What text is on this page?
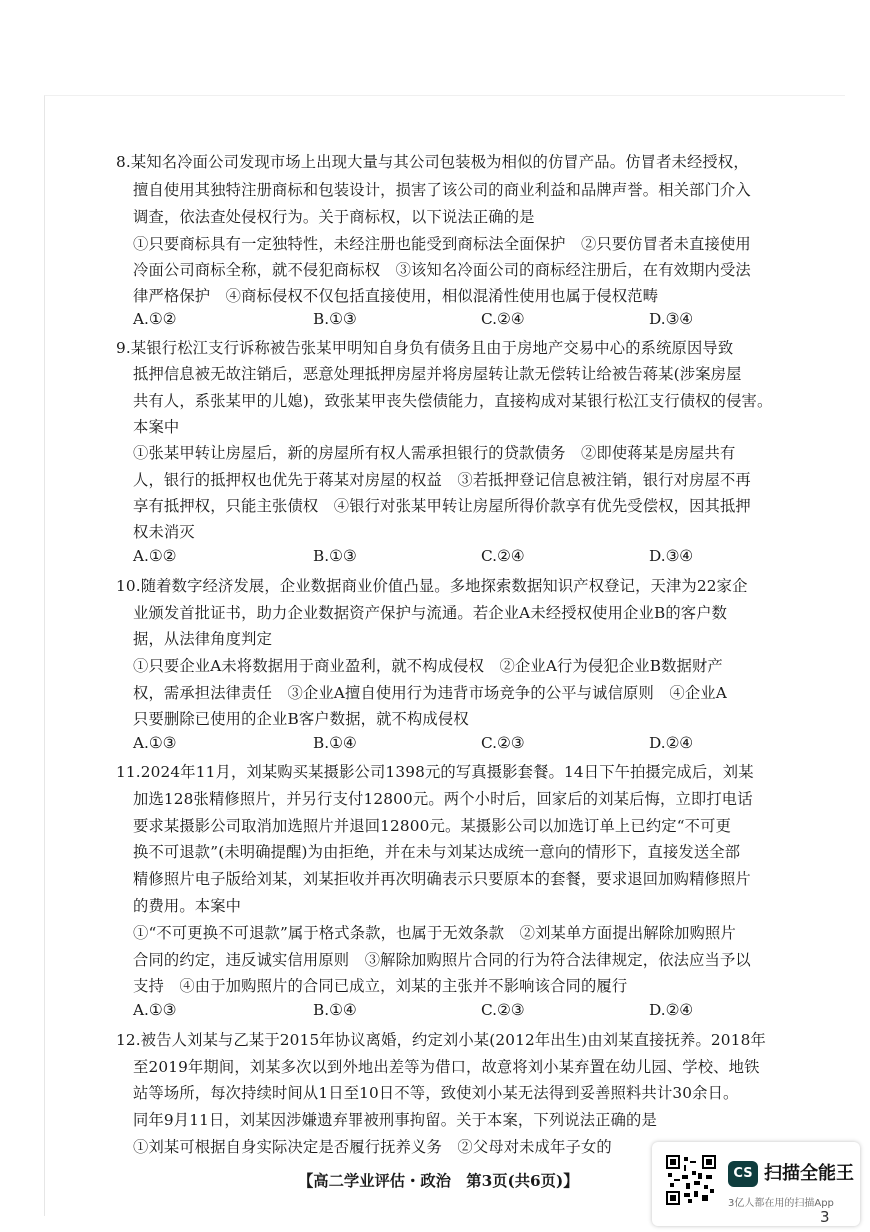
8.某知名冷面公司发现市场上出现大量与其公司包装极为相似的仿冒产品。仿冒者未经授权，
擅自使用其独特注册商标和包装设计，损害了该公司的商业利益和品牌声誉。相关部门介入
调查，依法查处侵权行为。关于商标权，以下说法正确的是
①只要商标具有一定独特性，未经注册也能受到商标法全面保护　②只要仿冒者未直接使用
冷面公司商标全称，就不侵犯商标权　③该知名冷面公司的商标经注册后，在有效期内受法
律严格保护　④商标侵权不仅包括直接使用，相似混淆性使用也属于侵权范畴
A.①②	B.①③	C.②④	D.③④
9.某银行松江支行诉称被告张某甲明知自身负有债务且由于房地产交易中心的系统原因导致
抵押信息被无故注销后，恶意处理抵押房屋并将房屋转让款无偿转让给被告蒋某(涉案房屋
共有人，系张某甲的儿媳)，致张某甲丧失偿债能力，直接构成对某银行松江支行债权的侵害。
本案中
①张某甲转让房屋后，新的房屋所有权人需承担银行的贷款债务　②即使蒋某是房屋共有
人，银行的抵押权也优先于蒋某对房屋的权益　③若抵押登记信息被注销，银行对房屋不再
享有抵押权，只能主张债权　④银行对张某甲转让房屋所得价款享有优先受偿权，因其抵押
权未消灭
A.①②	B.①③	C.②④	D.③④
10.随着数字经济发展，企业数据商业价值凸显。多地探索数据知识产权登记，天津为22家企
业颁发首批证书，助力企业数据资产保护与流通。若企业A未经授权使用企业B的客户数
据，从法律角度判定
①只要企业A未将数据用于商业盈利，就不构成侵权　②企业A行为侵犯企业B数据财产
权，需承担法律责任　③企业A擅自使用行为违背市场竞争的公平与诚信原则　④企业A
只要删除已使用的企业B客户数据，就不构成侵权
A.①③	B.①④	C.②③	D.②④
11.2024年11月，刘某购买某摄影公司1398元的写真摄影套餐。14日下午拍摄完成后，刘某
加选128张精修照片，并另行支付12800元。两个小时后，回家后的刘某后悔，立即打电话
要求某摄影公司取消加选照片并退回12800元。某摄影公司以加选订单上已约定“不可更
换不可退款”(未明确提醒)为由拒绝，并在未与刘某达成统一意向的情形下，直接发送全部
精修照片电子版给刘某，刘某拒收并再次明确表示只要原本的套餐，要求退回加购精修照片
的费用。本案中
①“不可更换不可退款”属于格式条款，也属于无效条款　②刘某单方面提出解除加购照片
合同的约定，违反诚实信用原则　③解除加购照片合同的行为符合法律规定，依法应当予以
支持　④由于加购照片的合同已成立，刘某的主张并不影响该合同的履行
A.①③	B.①④	C.②③	D.②④
12.被告人刘某与乙某于2015年协议离婚，约定刘小某(2012年出生)由刘某直接抚养。2018年
至2019年期间，刘某多次以到外地出差等为借口，故意将刘小某弃置在幼儿园、学校、地铁
站等场所，每次持续时间从1日至10日不等，致使刘小某无法得到妥善照料共计30余日。
同年9月11日，刘某因涉嫌遗弃罪被刑事拘留。关于本案，下列说法正确的是
①刘某可根据自身实际决定是否履行抚养义务　②父母对未成年子女的
【高二学业评估・政治　第3页(共6页)】	CS 扫描全能王
3亿人都在用的扫描App
3
